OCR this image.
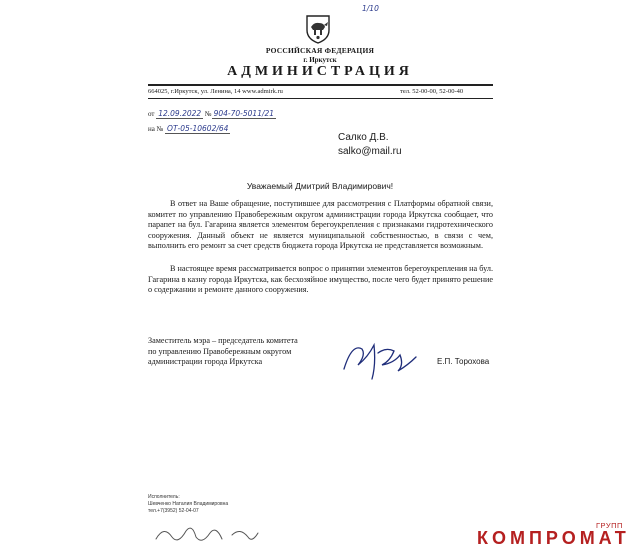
1/10
РОССИЙСКАЯ ФЕДЕРАЦИЯ
г. Иркутск
АДМИНИСТРАЦИЯ
664025, г.Иркутск, ул. Ленина, 14 www.admirk.ru	тел. 52-00-00, 52-00-40
от 12.09.2022 № 904-70-5011/21
на № ОТ-05-10602/64
Салко Д.В.
salko@mail.ru
Уважаемый Дмитрий Владимирович!

В ответ на Ваше обращение, поступившее для рассмотрения с Платформы обратной связи, комитет по управлению Правобережным округом администрации города Иркутска сообщает, что парапет на бул. Гагарина является элементом берегоукрепления с признаками гидротехнического сооружения. Данный объект не является муниципальной собственностью, в связи с чем, выполнить его ремонт за счет средств бюджета города Иркутска не представляется возможным.

В настоящее время рассматривается вопрос о принятии элементов берегоукрепления на бул. Гагарина в казну города Иркутска, как бесхозяйное имущество, после чего будет принято решение о содержании и ремонте данного сооружения.

Заместитель мэра – председатель комитета
по управлению Правобережным округом
администрации города Иркутска	Е.П. Торохова
Исполнитель:
Шевченко Наталия Владимировна
тел.+7(3952) 52-04-07
ГРУПП
КОМПРОМАТ
